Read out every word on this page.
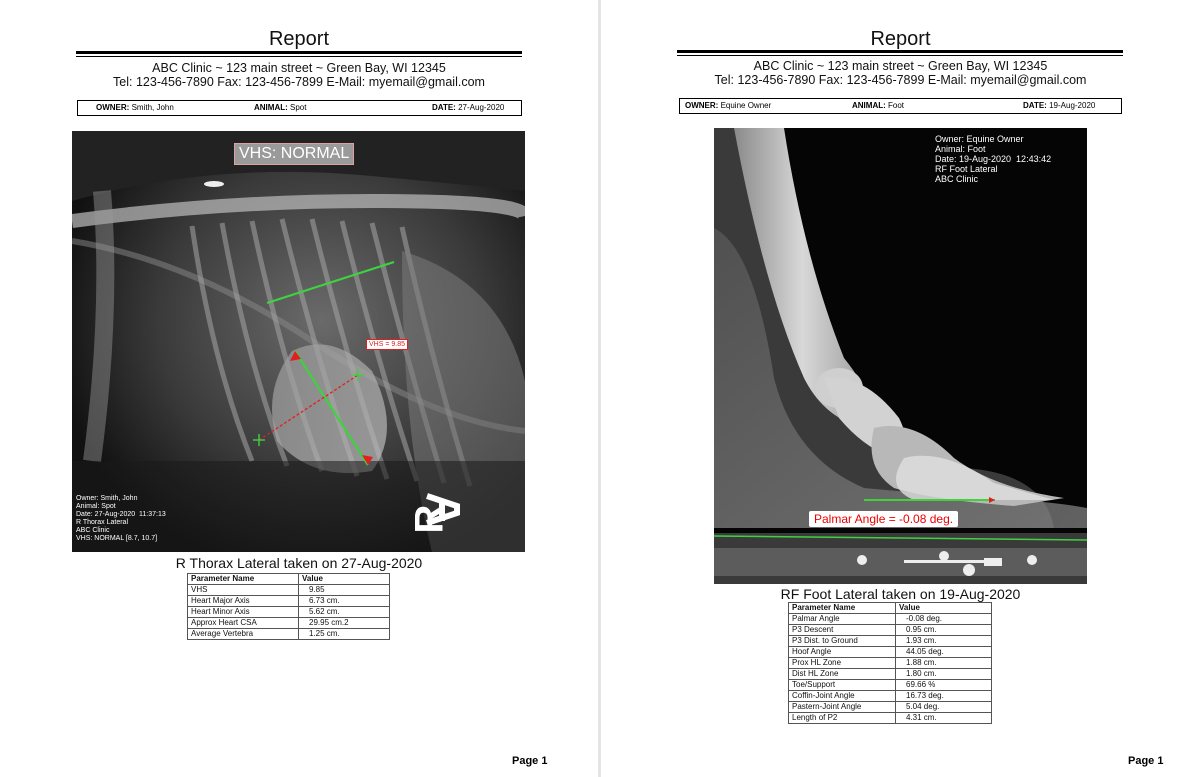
Report
ABC Clinic ~ 123 main street ~ Green Bay, WI 12345
Tel: 123-456-7890 Fax: 123-456-7899 E-Mail: myemail@gmail.com
OWNER: Smith, John	ANIMAL: Spot	DATE: 27-Aug-2020
VHS: NORMAL
VHS = 9.85
Owner: Smith, John
Animal: Spot
Date: 27-Aug-2020  11:37:13
R Thorax Lateral
ABC Clinic
VHS: NORMAL [8.7, 10.7]
R
R Thorax Lateral taken on 27-Aug-2020
Parameter Name	Value
VHS	9.85
Heart Major Axis	6.73 cm.
Heart Minor Axis	5.62 cm.
Approx Heart CSA	29.95 cm.2
Average Vertebra	1.25 cm.
Page 1
Report
ABC Clinic ~ 123 main street ~ Green Bay, WI 12345
Tel: 123-456-7890 Fax: 123-456-7899 E-Mail: myemail@gmail.com
OWNER: Equine Owner	ANIMAL: Foot	DATE: 19-Aug-2020
Owner: Equine Owner
Animal: Foot
Date: 19-Aug-2020  12:43:42
RF Foot Lateral
ABC Clinic
Palmar Angle = -0.08 deg.
RF Foot Lateral taken on 19-Aug-2020
Parameter Name	Value
Palmar Angle	-0.08 deg.
P3 Descent	0.95 cm.
P3 Dist. to Ground	1.93 cm.
Hoof Angle	44.05 deg.
Prox HL Zone	1.88 cm.
Dist HL Zone	1.80 cm.
Toe/Support	69.66 %
Coffin-Joint Angle	16.73 deg.
Pastern-Joint Angle	5.04 deg.
Length of P2	4.31 cm.
Page 1
